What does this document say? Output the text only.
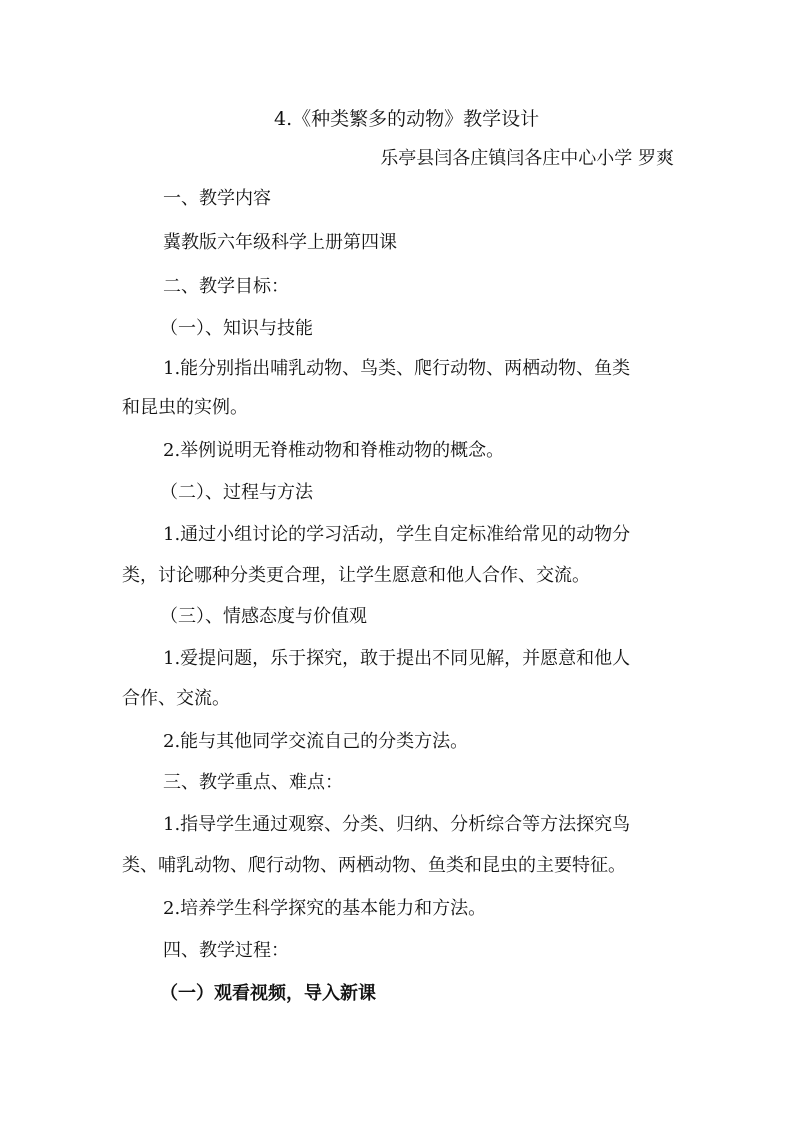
4.《种类繁多的动物》教学设计
乐亭县闫各庄镇闫各庄中心小学 罗爽
一、教学内容
冀教版六年级科学上册第四课
二、教学目标：
（一）、知识与技能
1.能分别指出哺乳动物、鸟类、爬行动物、两栖动物、鱼类
和昆虫的实例。
2.举例说明无脊椎动物和脊椎动物的概念。
（二）、过程与方法
1.通过小组讨论的学习活动，学生自定标准给常见的动物分
类，讨论哪种分类更合理，让学生愿意和他人合作、交流。
（三）、情感态度与价值观
1.爱提问题，乐于探究，敢于提出不同见解，并愿意和他人
合作、交流。
2.能与其他同学交流自己的分类方法。
三、教学重点、难点：
1.指导学生通过观察、分类、归纳、分析综合等方法探究鸟
类、哺乳动物、爬行动物、两栖动物、鱼类和昆虫的主要特征。
2.培养学生科学探究的基本能力和方法。
四、教学过程：
（一）观看视频，导入新课
